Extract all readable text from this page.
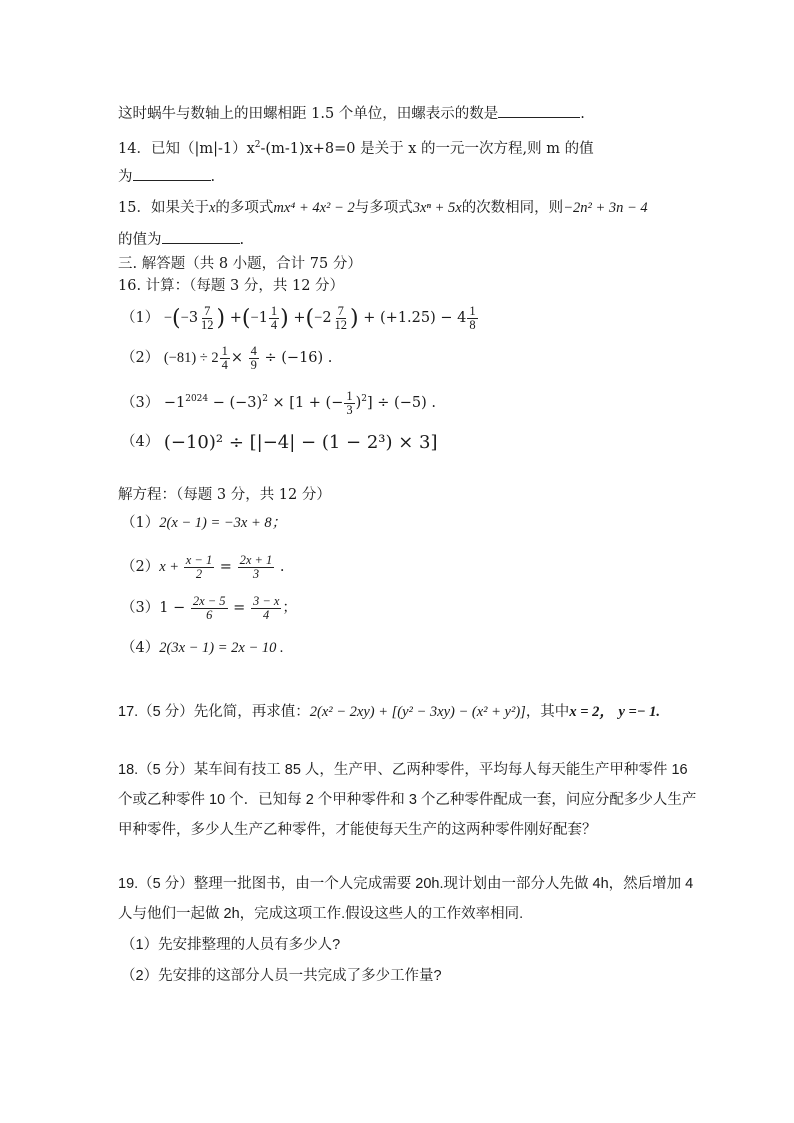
这时蜗牛与数轴上的田螺相距 1.5 个单位，田螺表示的数是	.
14．已知$(|m|-1)x^2-(m-1)x+8=0$ 是关于 x 的一元一次方程,则 m 的值
为	.
15．如果关于x的多项式mx⁴ + 4x² − 2与多项式3xⁿ + 5x的次数相同，则−2n² + 3n − 4
的值为	.
三. 解答题（共 8 小题，合计 75 分）
16. 计算：（每题 3 分，共 12 分）
$(1) -(-3 \frac{7}{12}$ ) $+(-1 \frac{1}{4}$ ) $+(-2 \frac{7}{12}$ ) + $(+1.25) - 4 \frac{1}{8}$
（2） $(-81) \div 2 \frac{1}{4} \times \frac{4}{9} \div (-16)$ .
$(3) -1^{2024} - (-3)^2 \times [1$ + (− $\frac{1}{3} )^2] \div (-5)$ .
（4） (−10)² ÷ [|−4| − (1 − 2³) × 3]
解方程：（每题 3 分，共 12 分）
（1）2(x − 1) = −3x + 8；
$(2)x + \frac{x - 1}{2} = \frac{2x + 1}{3}$ .
$(3)1 - \frac{2x - 5}{6} = \frac{3 - x}{4}$ ；
（4）2(3x − 1) = 2x − 10 .
17.（5 分）先化简，再求值：2(x² − 2xy) + [(y² − 3xy) − (x² + y²)]，其中x = 2， y =− 1.
18.（5 分）某车间有技工 85 人，生产甲、乙两种零件，平均每人每天能生产甲种零件 16
个或乙种零件 10 个．已知每 2 个甲种零件和 3 个乙种零件配成一套，问应分配多少人生产
甲种零件，多少人生产乙种零件，才能使每天生产的这两种零件刚好配套？
19.（5 分）整理一批图书，由一个人完成需要 20h.现计划由一部分人先做 4h，然后增加 4
人与他们一起做 2h，完成这项工作.假设这些人的工作效率相同.
（1）先安排整理的人员有多少人?
（2）先安排的这部分人员一共完成了多少工作量?
